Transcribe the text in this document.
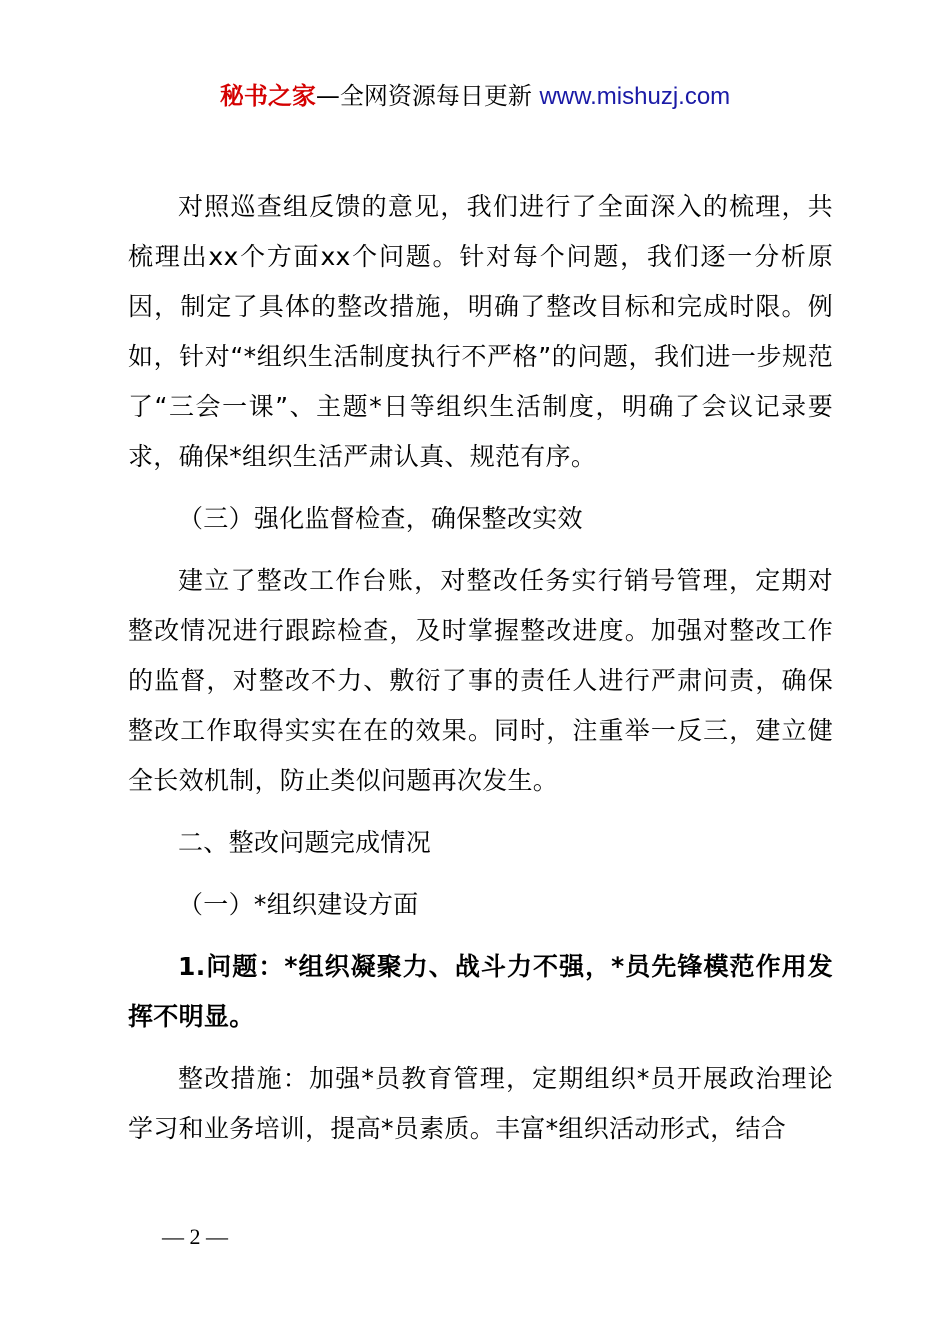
秘书之家—全网资源每日更新 www.mishuzj.com

对照巡查组反馈的意见，我们进行了全面深入的梳理，共梳理出xx个方面xx个问题。针对每个问题，我们逐一分析原因，制定了具体的整改措施，明确了整改目标和完成时限。例如，针对“*组织生活制度执行不严格”的问题，我们进一步规范了“三会一课”、主题*日等组织生活制度，明确了会议记录要求，确保*组织生活严肃认真、规范有序。

（三）强化监督检查，确保整改实效

建立了整改工作台账，对整改任务实行销号管理，定期对整改情况进行跟踪检查，及时掌握整改进度。加强对整改工作的监督，对整改不力、敷衍了事的责任人进行严肃问责，确保整改工作取得实实在在的效果。同时，注重举一反三，建立健全长效机制，防止类似问题再次发生。

二、整改问题完成情况

（一）*组织建设方面

1.问题：*组织凝聚力、战斗力不强，*员先锋模范作用发挥不明显。

整改措施：加强*员教育管理，定期组织*员开展政治理论学习和业务培训，提高*员素质。丰富*组织活动形式，结合

— 2 —
